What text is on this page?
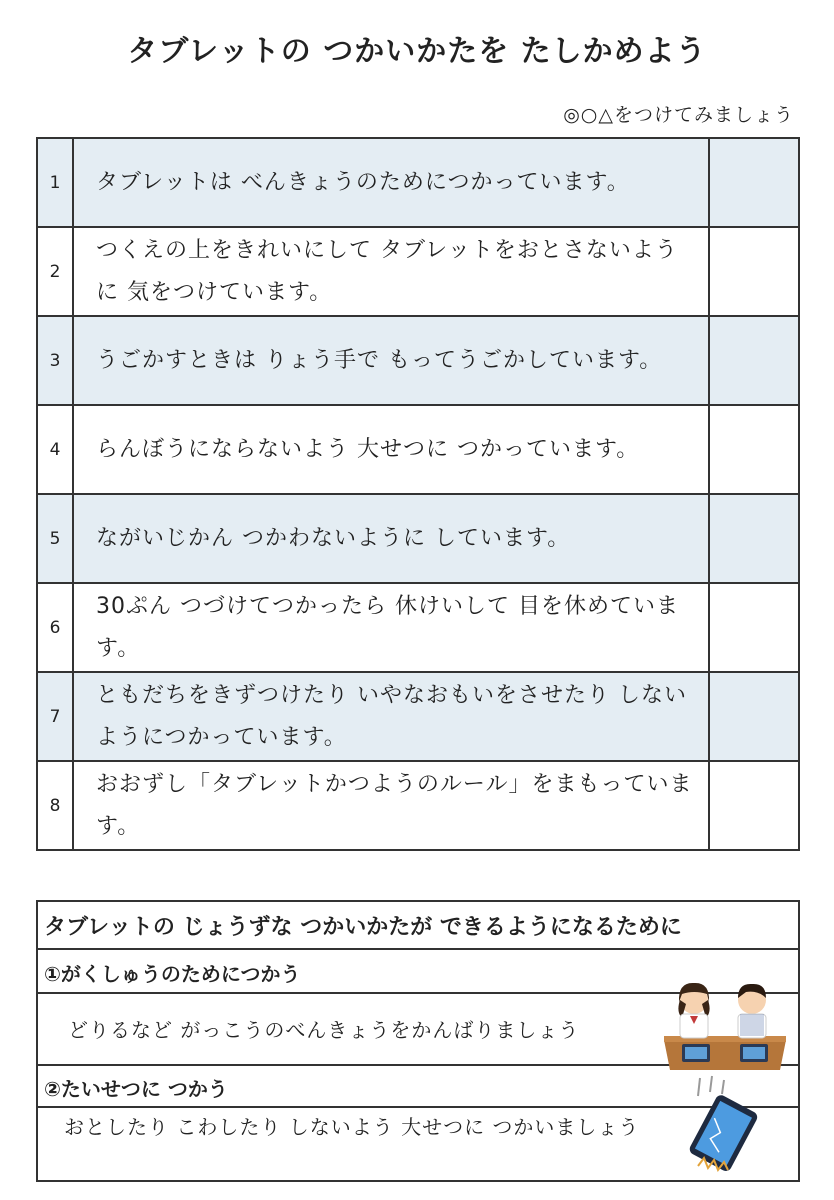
タブレットの つかいかたを たしかめよう
◎○△をつけてみましょう
1	タブレットは べんきょうのためにつかっています。	
2	つくえの上をきれいにして タブレットをおとさないように 気をつけています。	
3	うごかすときは りょう手で もってうごかしています。	
4	らんぼうにならないよう 大せつに つかっています。	
5	ながいじかん つかわないように しています。	
6	30ぷん つづけてつかったら 休けいして 目を休めています。	
7	ともだちをきずつけたり いやなおもいをさせたり しないようにつかっています。	
8	おおずし「タブレットかつようのルール」をまもっています。	
タブレットの じょうずな つかいかたが できるようになるために
①がくしゅうのためにつかう
どりるなど がっこうのべんきょうをかんばりましょう
②たいせつに つかう
おとしたり こわしたり しないよう 大せつに つかいましょう
